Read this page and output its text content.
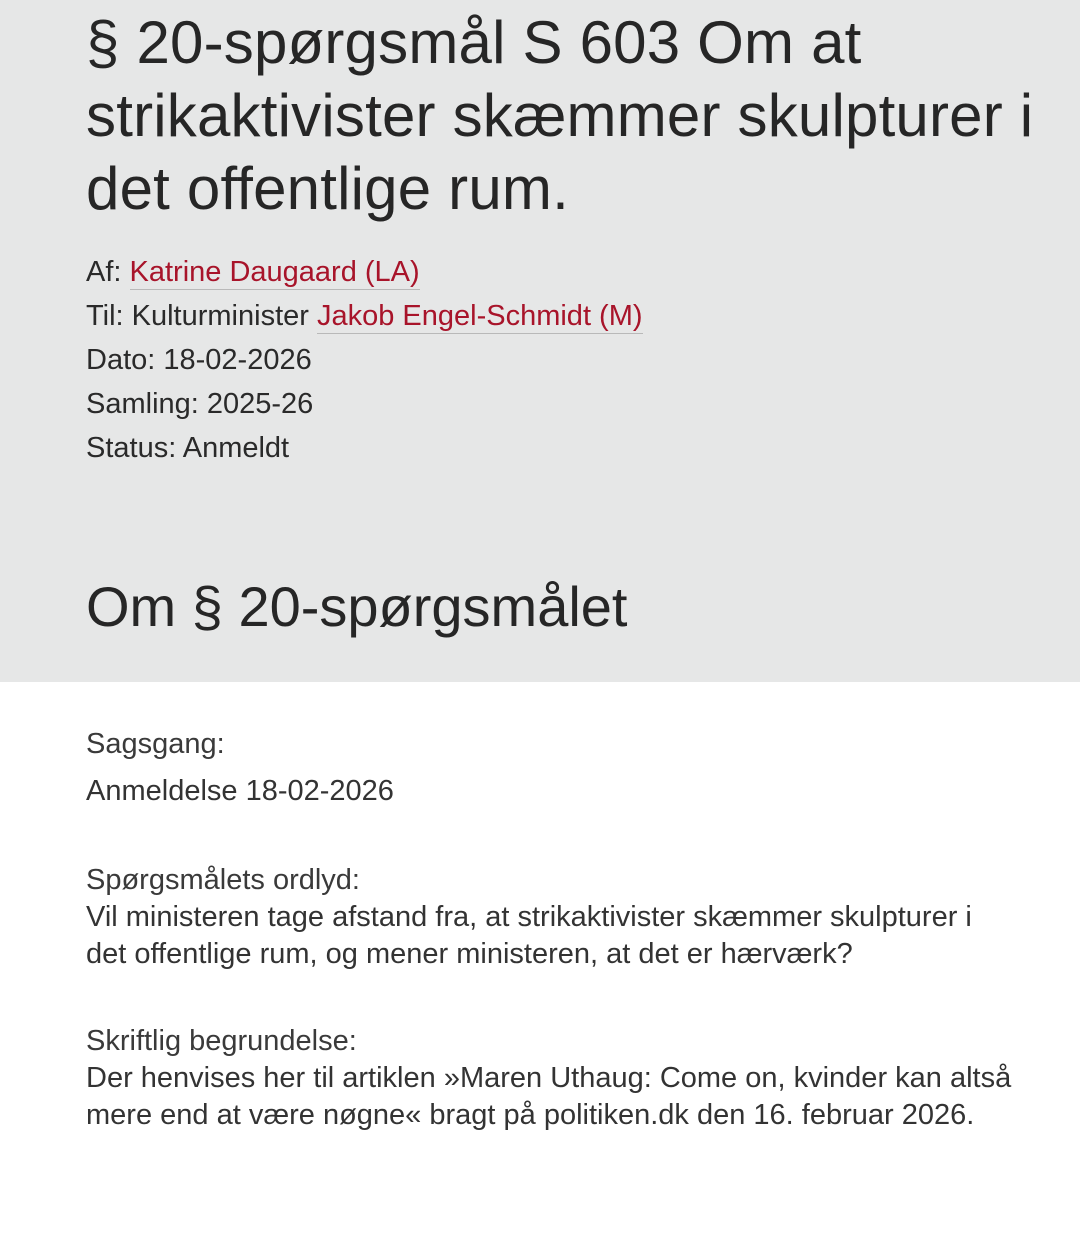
§ 20-spørgsmål S 603 Om at strikaktivister skæmmer skulpturer i det offentlige rum.
Af: Katrine Daugaard (LA)
Til: Kulturminister Jakob Engel-Schmidt (M)
Dato: 18-02-2026
Samling: 2025-26
Status: Anmeldt
Om § 20-spørgsmålet
Sagsgang:
Anmeldelse 18-02-2026
Spørgsmålets ordlyd:
Vil ministeren tage afstand fra, at strikaktivister skæmmer skulpturer i det offentlige rum, og mener ministeren, at det er hærværk?
Skriftlig begrundelse:
Der henvises her til artiklen »Maren Uthaug: Come on, kvinder kan altså mere end at være nøgne« bragt på politiken.dk den 16. februar 2026.
